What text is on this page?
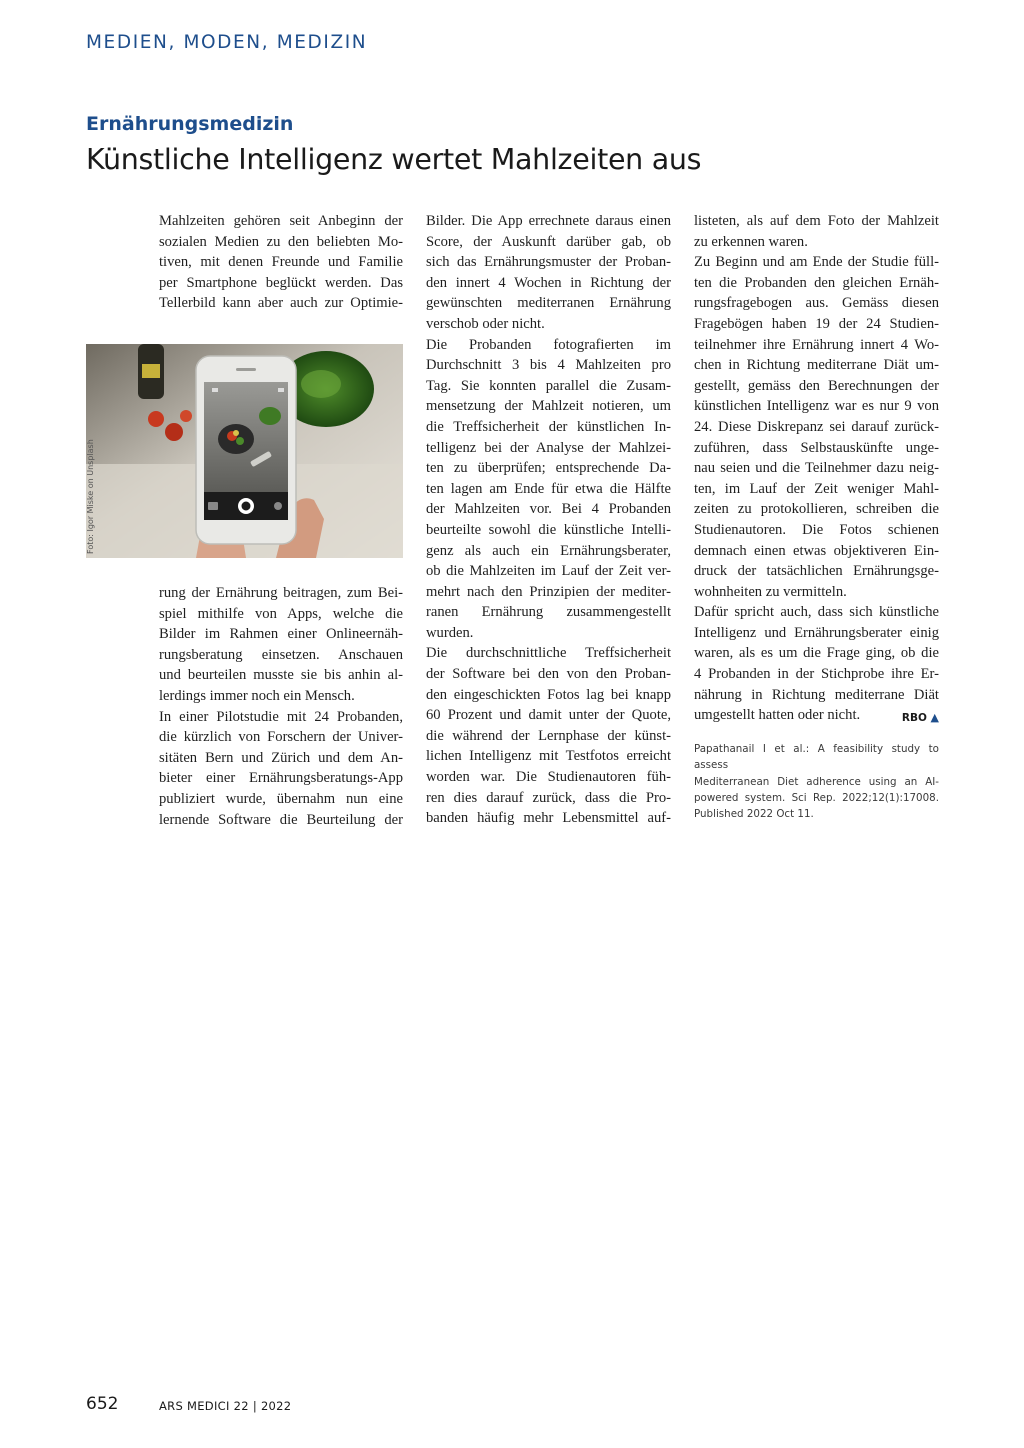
MEDIEN, MODEN, MEDIZIN
Ernährungsmedizin
Künstliche Intelligenz wertet Mahlzeiten aus

Mahlzeiten gehören seit Anbeginn der
sozialen Medien zu den beliebten Mo-
tiven, mit denen Freunde und Familie
per Smartphone beglückt werden. Das
Tellerbild kann aber auch zur Optimie-

Foto: Igor Miske on Unsplash

rung der Ernährung beitragen, zum Bei-
spiel mithilfe von Apps, welche die
Bilder im Rahmen einer Onlineernäh-
rungsberatung einsetzen. Anschauen
und beurteilen musste sie bis anhin al-
lerdings immer noch ein Mensch.

In einer Pilotstudie mit 24 Probanden,
die kürzlich von Forschern der Univer-
sitäten Bern und Zürich und dem An-
bieter einer Ernährungsberatungs-App
publiziert wurde, übernahm nun eine
lernende Software die Beurteilung der

Bilder. Die App errechnete daraus einen
Score, der Auskunft darüber gab, ob
sich das Ernährungsmuster der Proban-
den innert 4 Wochen in Richtung der
gewünschten mediterranen Ernährung
verschob oder nicht.

Die Probanden fotografierten im
Durchschnitt 3 bis 4 Mahlzeiten pro
Tag. Sie konnten parallel die Zusam-
mensetzung der Mahlzeit notieren, um
die Treffsicherheit der künstlichen In-
telligenz bei der Analyse der Mahlzei-
ten zu überprüfen; entsprechende Da-
ten lagen am Ende für etwa die Hälfte
der Mahlzeiten vor. Bei 4 Probanden
beurteilte sowohl die künstliche Intelli-
genz als auch ein Ernährungsberater,
ob die Mahlzeiten im Lauf der Zeit ver-
mehrt nach den Prinzipien der mediter-
ranen Ernährung zusammengestellt
wurden.

Die durchschnittliche Treffsicherheit
der Software bei den von den Proban-
den eingeschickten Fotos lag bei knapp
60 Prozent und damit unter der Quote,
die während der Lernphase der künst-
lichen Intelligenz mit Testfotos erreicht
worden war. Die Studienautoren füh-
ren dies darauf zurück, dass die Pro-
banden häufig mehr Lebensmittel auf-

listeten, als auf dem Foto der Mahlzeit
zu erkennen waren.

Zu Beginn und am Ende der Studie füll-
ten die Probanden den gleichen Ernäh-
rungsfragebogen aus. Gemäss diesen
Fragebögen haben 19 der 24 Studien-
teilnehmer ihre Ernährung innert 4 Wo-
chen in Richtung mediterrane Diät um-
gestellt, gemäss den Berechnungen der
künstlichen Intelligenz war es nur 9 von
24. Diese Diskrepanz sei darauf zurück-
zuführen, dass Selbstauskünfte unge-
nau seien und die Teilnehmer dazu neig-
ten, im Lauf der Zeit weniger Mahl-
zeiten zu protokollieren, schreiben die
Studienautoren. Die Fotos schienen
demnach einen etwas objektiveren Ein-
druck der tatsächlichen Ernährungsge-
wohnheiten zu vermitteln.

Dafür spricht auch, dass sich künstliche
Intelligenz und Ernährungsberater einig
waren, als es um die Frage ging, ob die
4 Probanden in der Stichprobe ihre Er-
nährung in Richtung mediterrane Diät
umgestellt hatten oder nicht.	RBO ▲

Papathanail I et al.: A feasibility study to assess
Mediterranean Diet adherence using an AI-
powered system. Sci Rep. 2022;12(1):17008.
Published 2022 Oct 11.
652	ARS MEDICI 22 | 2022
